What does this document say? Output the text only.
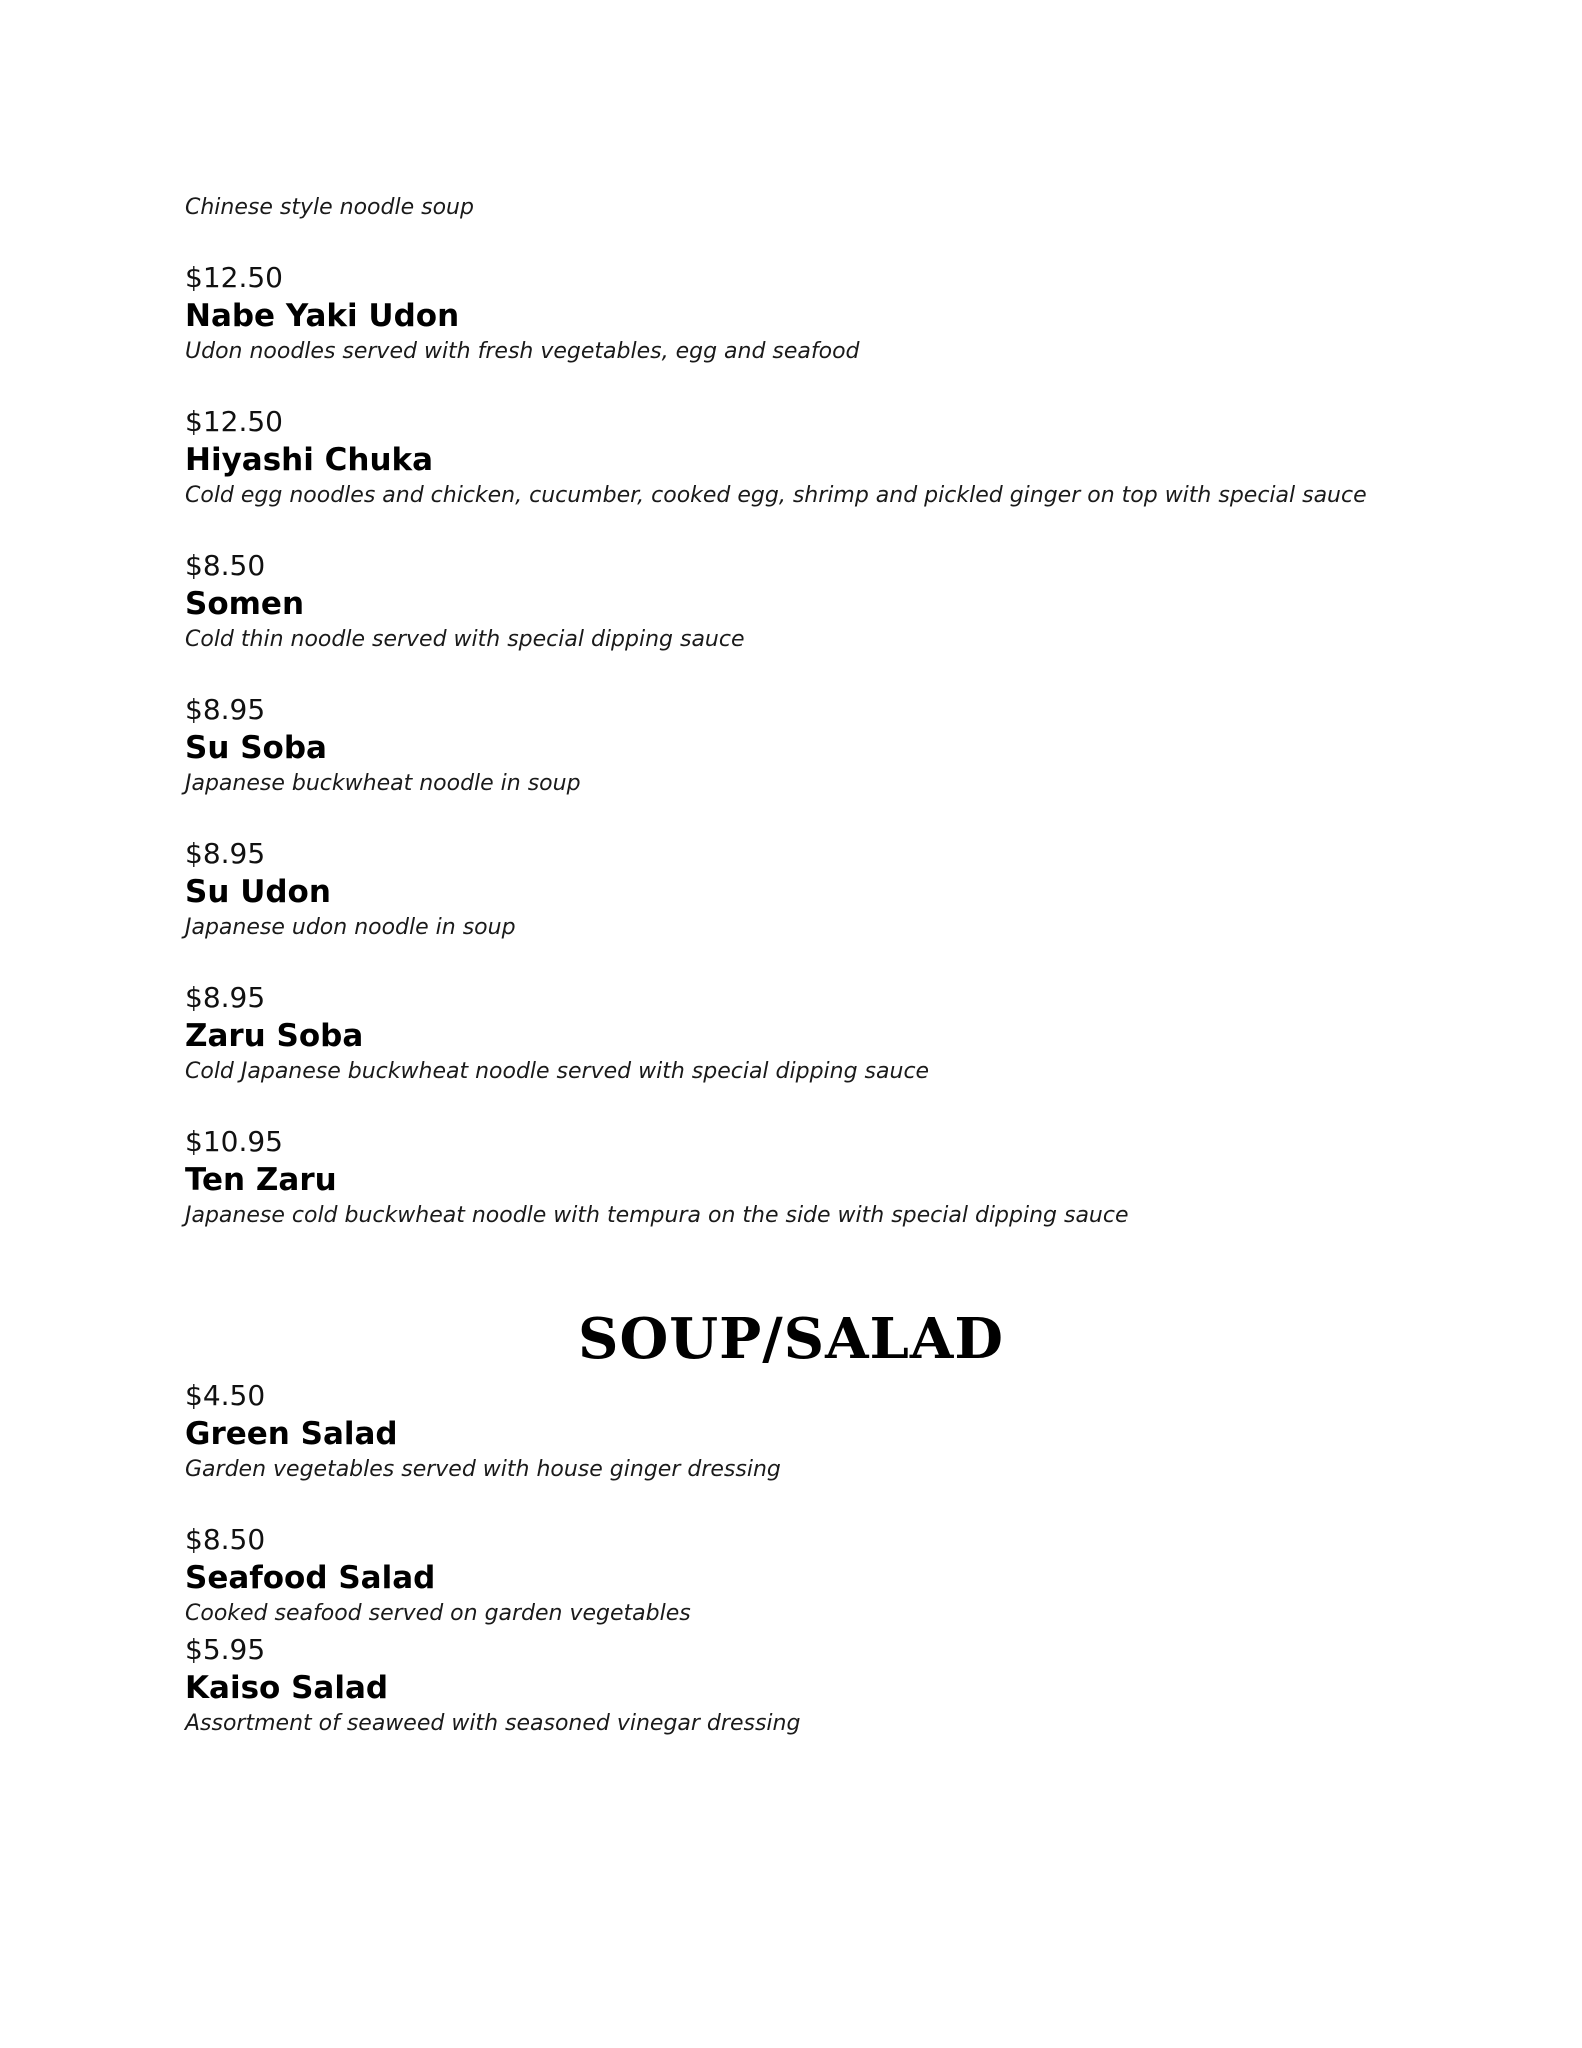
Chinese style noodle soup

$12.50

Nabe Yaki Udon

Udon noodles served with fresh vegetables, egg and seafood

$12.50

Hiyashi Chuka

Cold egg noodles and chicken, cucumber, cooked egg, shrimp and pickled ginger on top with special sauce

$8.50

Somen

Cold thin noodle served with special dipping sauce

$8.95

Su Soba

Japanese buckwheat noodle in soup

$8.95

Su Udon

Japanese udon noodle in soup

$8.95

Zaru Soba

Cold Japanese buckwheat noodle served with special dipping sauce

$10.95

Ten Zaru

Japanese cold buckwheat noodle with tempura on the side with special dipping sauce

SOUP/SALAD

$4.50

Green Salad

Garden vegetables served with house ginger dressing

$8.50

Seafood Salad

Cooked seafood served on garden vegetables

$5.95

Kaiso Salad

Assortment of seaweed with seasoned vinegar dressing
